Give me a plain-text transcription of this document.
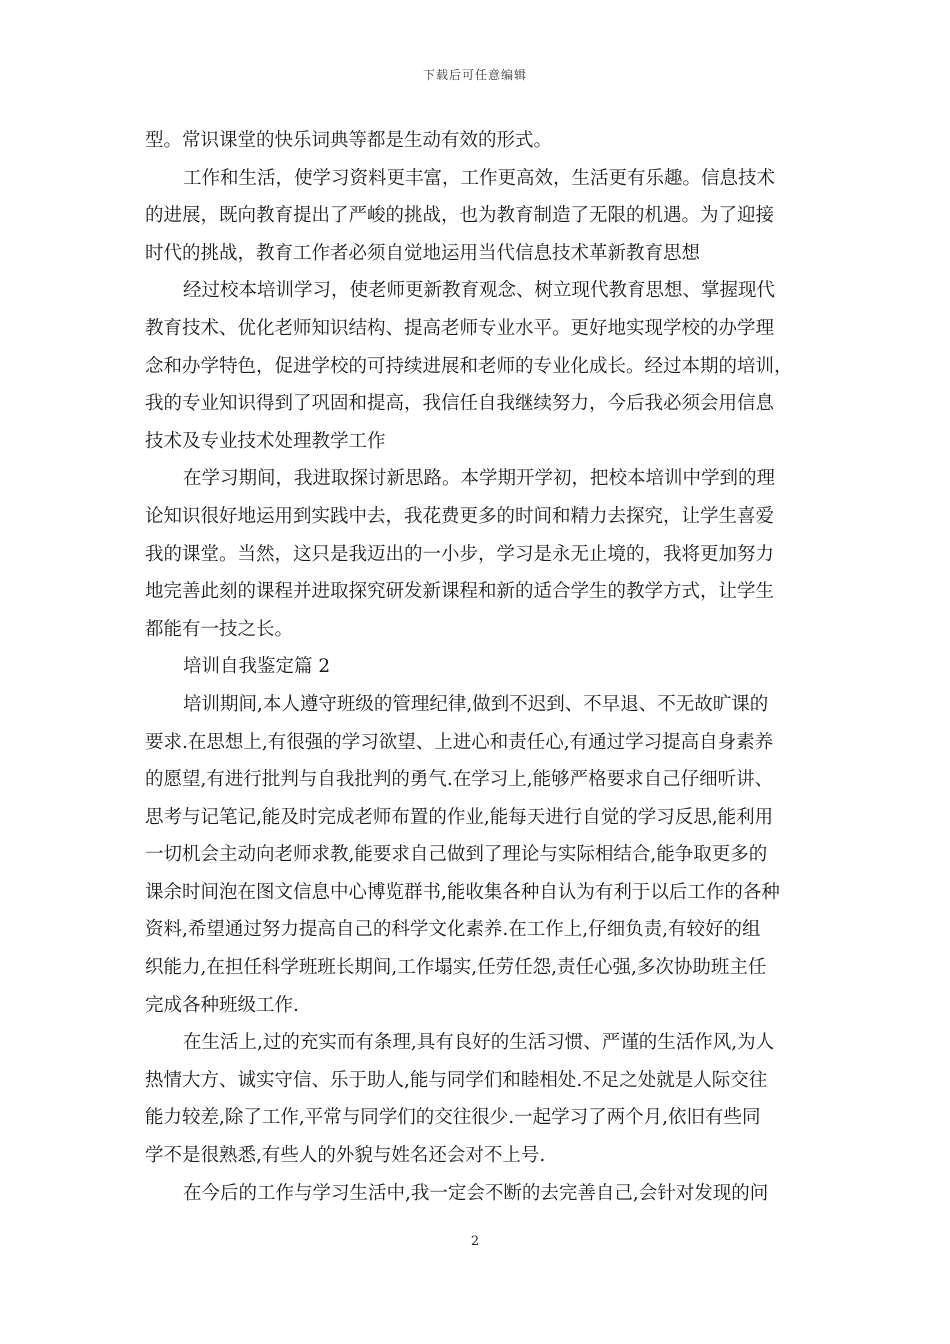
下载后可任意编辑
型。常识课堂的快乐词典等都是生动有效的形式。
工作和生活，使学习资料更丰富，工作更高效，生活更有乐趣。信息技术
的进展，既向教育提出了严峻的挑战，也为教育制造了无限的机遇。为了迎接
时代的挑战，教育工作者必须自觉地运用当代信息技术革新教育思想
经过校本培训学习，使老师更新教育观念、树立现代教育思想、掌握现代
教育技术、优化老师知识结构、提高老师专业水平。更好地实现学校的办学理
念和办学特色，促进学校的可持续进展和老师的专业化成长。经过本期的培训，
我的专业知识得到了巩固和提高，我信任自我继续努力，今后我必须会用信息
技术及专业技术处理教学工作
在学习期间，我进取探讨新思路。本学期开学初，把校本培训中学到的理
论知识很好地运用到实践中去，我花费更多的时间和精力去探究，让学生喜爱
我的课堂。当然，这只是我迈出的一小步，学习是永无止境的，我将更加努力
地完善此刻的课程并进取探究研发新课程和新的适合学生的教学方式，让学生
都能有一技之长。
培训自我鉴定篇 2
培训期间,本人遵守班级的管理纪律,做到不迟到、不早退、不无故旷课的
要求.在思想上,有很强的学习欲望、上进心和责任心,有通过学习提高自身素养
的愿望,有进行批判与自我批判的勇气.在学习上,能够严格要求自己仔细听讲、
思考与记笔记,能及时完成老师布置的作业,能每天进行自觉的学习反思,能利用
一切机会主动向老师求教,能要求自己做到了理论与实际相结合,能争取更多的
课余时间泡在图文信息中心博览群书,能收集各种自认为有利于以后工作的各种
资料,希望通过努力提高自己的科学文化素养.在工作上,仔细负责,有较好的组
织能力,在担任科学班班长期间,工作塌实,任劳任怨,责任心强,多次协助班主任
完成各种班级工作.
在生活上,过的充实而有条理,具有良好的生活习惯、严谨的生活作风,为人
热情大方、诚实守信、乐于助人,能与同学们和睦相处.不足之处就是人际交往
能力较差,除了工作,平常与同学们的交往很少.一起学习了两个月,依旧有些同
学不是很熟悉,有些人的外貌与姓名还会对不上号.
在今后的工作与学习生活中,我一定会不断的去完善自己,会针对发现的问
2
